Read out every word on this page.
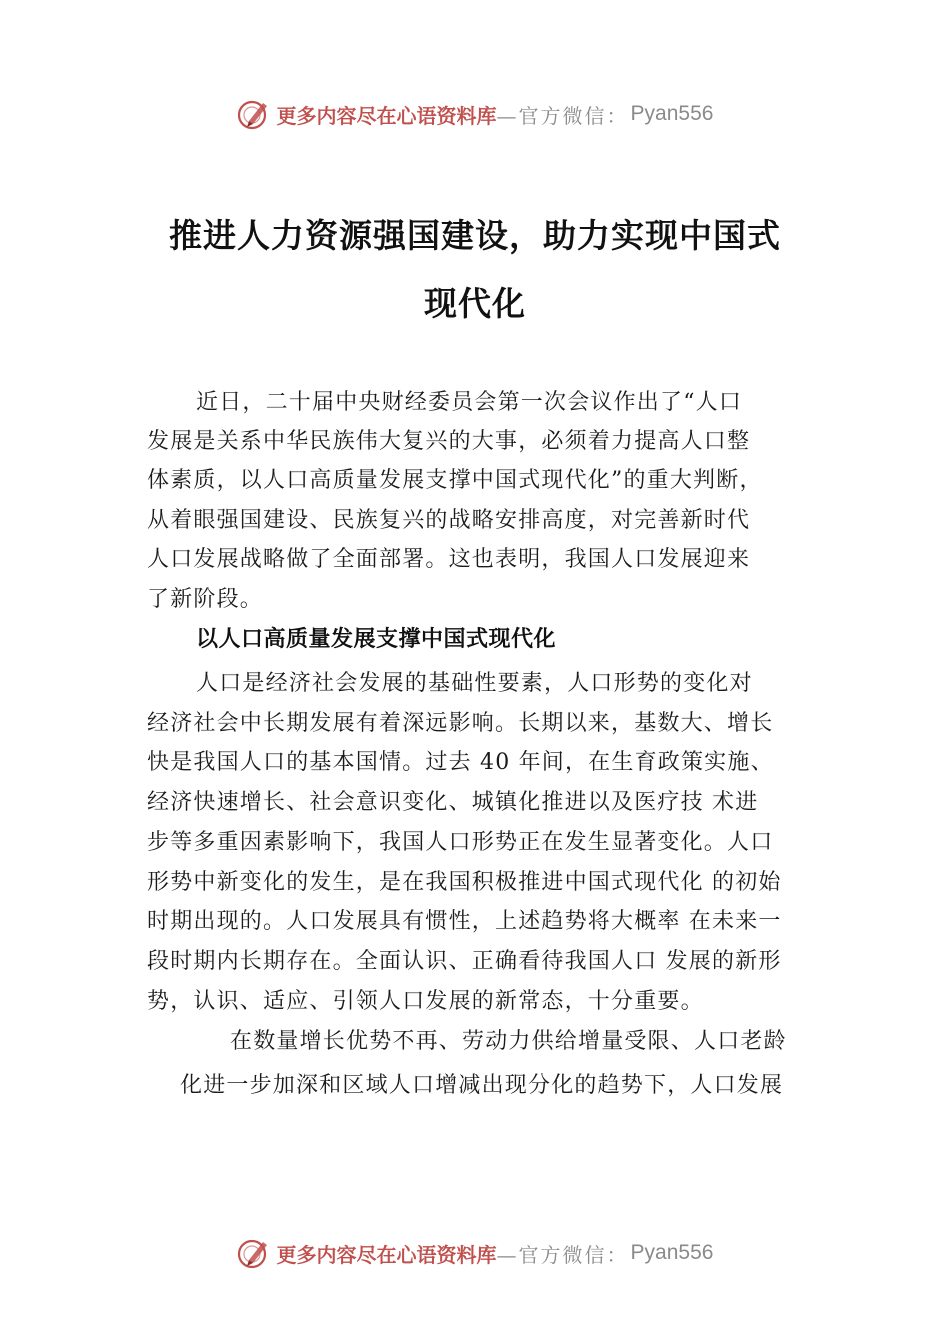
更多内容尽在心语资料库 —官方微信： Pyan556
推进人力资源强国建设，助力实现中国式
现代化
近日，二十届中央财经委员会第一次会议作出了“人口
发展是关系中华民族伟大复兴的大事，必须着力提高人口整
体素质，以人口高质量发展支撑中国式现代化”的重大判断，
从着眼强国建设、民族复兴的战略安排高度，对完善新时代
人口发展战略做了全面部署。这也表明，我国人口发展迎来
了新阶段。
以人口高质量发展支撑中国式现代化
人口是经济社会发展的基础性要素，人口形势的变化对
经济社会中长期发展有着深远影响。长期以来，基数大、增长
快是我国人口的基本国情。过去 40 年间，在生育政策实施、
经济快速增长、社会意识变化、城镇化推进以及医疗技 术进
步等多重因素影响下，我国人口形势正在发生显著变化。人口
形势中新变化的发生，是在我国积极推进中国式现代化 的初始
时期出现的。人口发展具有惯性，上述趋势将大概率 在未来一
段时期内长期存在。全面认识、正确看待我国人口 发展的新形
势，认识、适应、引领人口发展的新常态，十分重要。
在数量增长优势不再、劳动力供给增量受限、人口老龄
化进一步加深和区域人口增减出现分化的趋势下，人口发展
更多内容尽在心语资料库 —官方微信： Pyan556
